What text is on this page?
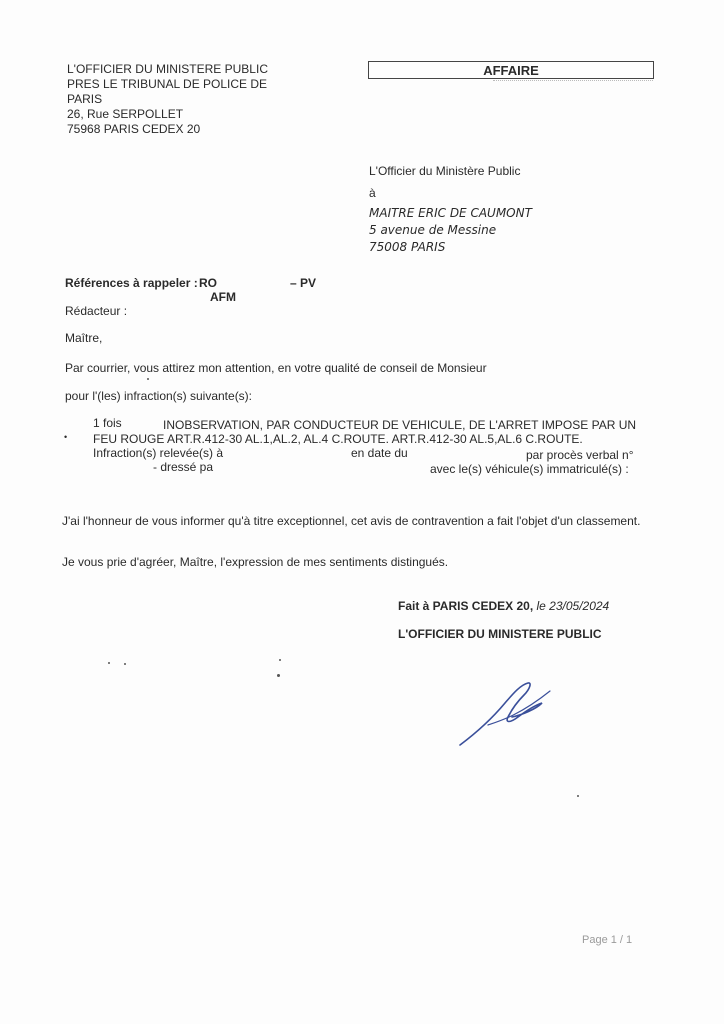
L'OFFICIER DU MINISTERE PUBLIC
PRES LE TRIBUNAL DE POLICE DE
PARIS
26, Rue SERPOLLET
75968 PARIS CEDEX 20
AFFAIRE
L'Officier du Ministère Public
à
MAITRE ERIC DE CAUMONT
5 avenue de Messine
75008 PARIS
Références à rappeler : RO	– PV
AFM
Rédacteur :
Maître,
Par courrier, vous attirez mon attention, en votre qualité de conseil de Monsieur
pour l'(les) infraction(s) suivante(s):
•
1 fois	INOBSERVATION, PAR CONDUCTEUR DE VEHICULE, DE L'ARRET IMPOSE PAR UN
FEU ROUGE ART.R.412-30 AL.1,AL.2, AL.4 C.ROUTE. ART.R.412-30 AL.5,AL.6 C.ROUTE.
Infraction(s) relevée(s) à	en date du	par procès verbal n°
- dressé pa	avec le(s) véhicule(s) immatriculé(s) :
J'ai l'honneur de vous informer qu'à titre exceptionnel, cet avis de contravention a fait l'objet d'un classement.
Je vous prie d'agréer, Maître, l'expression de mes sentiments distingués.
Fait à PARIS CEDEX 20, le 23/05/2024
L'OFFICIER DU MINISTERE PUBLIC
Page 1 / 1
